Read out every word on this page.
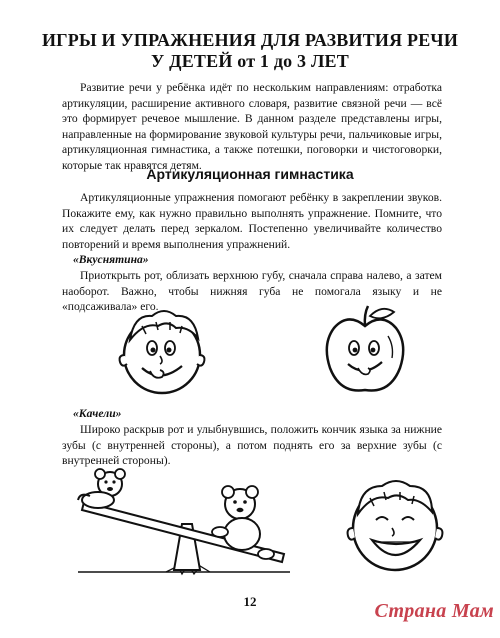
ИГРЫ И УПРАЖНЕНИЯ ДЛЯ РАЗВИТИЯ РЕЧИ
У ДЕТЕЙ от 1 до 3 ЛЕТ
Развитие речи у ребёнка идёт по нескольким направлениям: отработка артикуляции, расширение активного словаря, развитие связной речи — всё это формирует речевое мышление. В данном разделе представлены игры, направленные на формирование звуковой культуры речи, пальчиковые игры, артикуляционная гимнастика, а также потешки, поговорки и чистоговорки, которые так нравятся детям.
Артикуляционная гимнастика
Артикуляционные упражнения помогают ребёнку в закреплении звуков. Покажите ему, как нужно правильно выполнять упражнение. Помните, что их следует делать перед зеркалом. Постепенно увеличивайте количество повторений и время выполнения упражнений.
«Вкуснятина»
Приоткрыть рот, облизать верхнюю губу, сначала справа налево, а затем наоборот. Важно, чтобы нижняя губа не помогала языку и не «подсаживала» его.
«Качели»
Широко раскрыв рот и улыбнувшись, положить кончик языка за нижние зубы (с внутренней стороны), а потом поднять его за верхние зубы (с внутренней стороны).
12	Страна Мам
